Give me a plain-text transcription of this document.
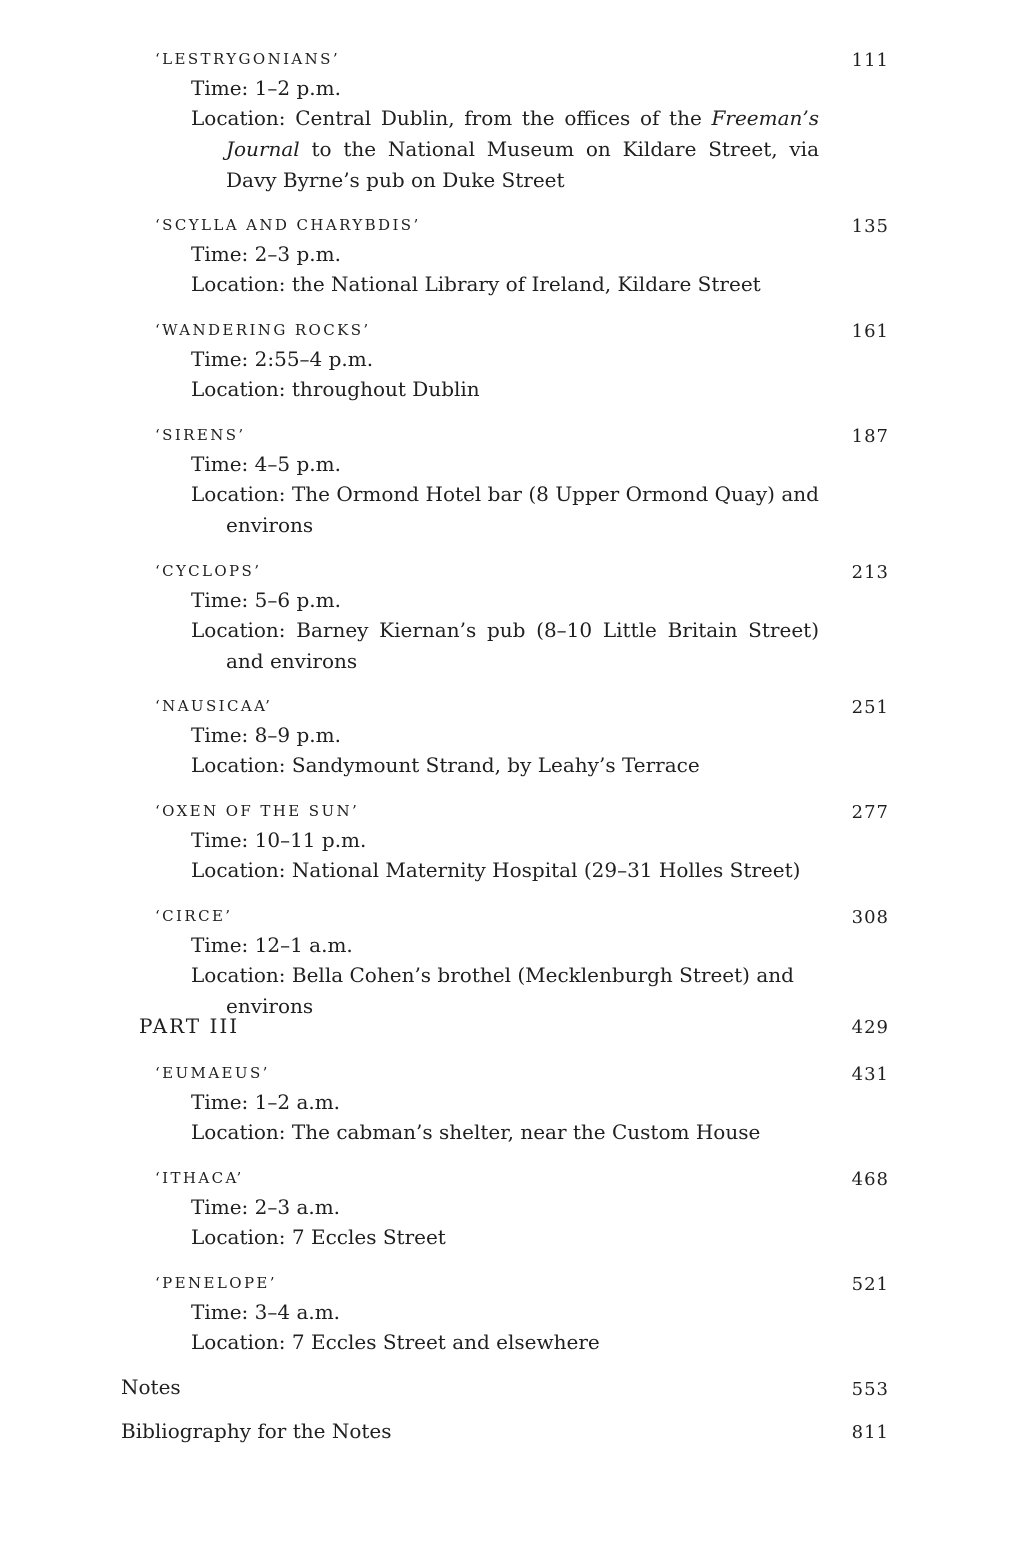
‘LESTRYGONIANS’	111
Time: 1–2 p.m.
Location: Central Dublin, from the offices of the Freeman’s Journal to the National Museum on Kildare Street, via Davy Byrne’s pub on Duke Street
‘SCYLLA AND CHARYBDIS’	135
Time: 2–3 p.m.
Location: the National Library of Ireland, Kildare Street
‘WANDERING ROCKS’	161
Time: 2:55–4 p.m.
Location: throughout Dublin
‘SIRENS’	187
Time: 4–5 p.m.
Location: The Ormond Hotel bar (8 Upper Ormond Quay) and environs
‘CYCLOPS’	213
Time: 5–6 p.m.
Location: Barney Kiernan’s pub (8–10 Little Britain Street) and environs
‘NAUSICAA’	251
Time: 8–9 p.m.
Location: Sandymount Strand, by Leahy’s Terrace
‘OXEN OF THE SUN’	277
Time: 10–11 p.m.
Location: National Maternity Hospital (29–31 Holles Street)
‘CIRCE’	308
Time: 12–1 a.m.
Location: Bella Cohen’s brothel (Mecklenburgh Street) and environs
PART III	429
‘EUMAEUS’	431
Time: 1–2 a.m.
Location: The cabman’s shelter, near the Custom House
‘ITHACA’	468
Time: 2–3 a.m.
Location: 7 Eccles Street
‘PENELOPE’	521
Time: 3–4 a.m.
Location: 7 Eccles Street and elsewhere
Notes	553
Bibliography for the Notes	811
